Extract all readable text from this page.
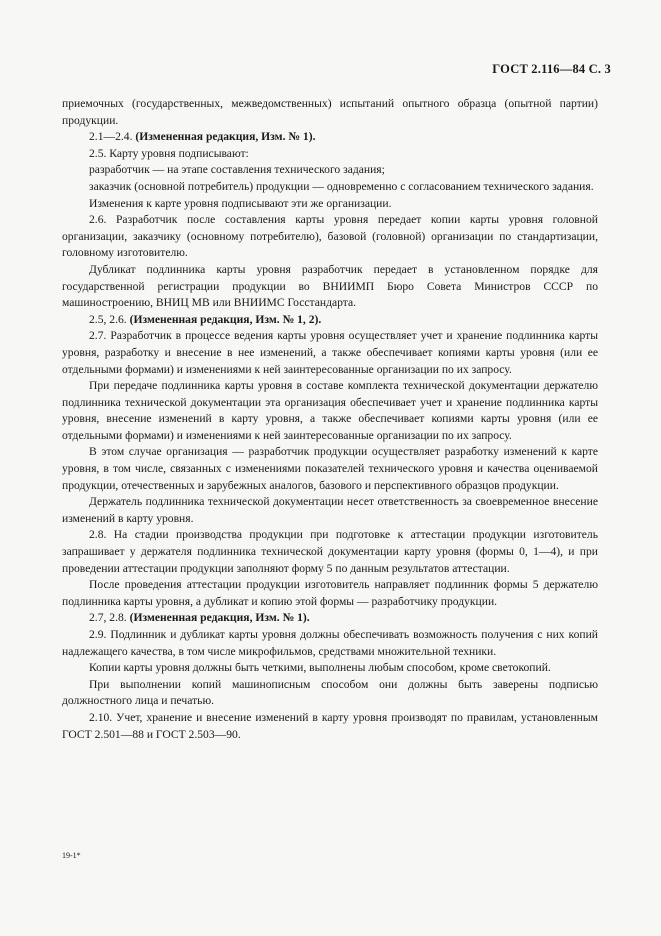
ГОСТ 2.116—84 С. 3

приемочных (государственных, межведомственных) испытаний опытного образца (опытной партии) продукции.

2.1—2.4. (Измененная редакция, Изм. № 1).

2.5. Карту уровня подписывают:

разработчик — на этапе составления технического задания;

заказчик (основной потребитель) продукции — одновременно с согласованием технического задания.

Изменения к карте уровня подписывают эти же организации.

2.6. Разработчик после составления карты уровня передает копии карты уровня головной организации, заказчику (основному потребителю), базовой (головной) организации по стандартизации, головному изготовителю.

Дубликат подлинника карты уровня разработчик передает в установленном порядке для государственной регистрации продукции во ВНИИМП Бюро Совета Министров СССР по машиностроению, ВНИЦ МВ или ВНИИМС Госстандарта.

2.5, 2.6. (Измененная редакция, Изм. № 1, 2).

2.7. Разработчик в процессе ведения карты уровня осуществляет учет и хранение подлинника карты уровня, разработку и внесение в нее изменений, а также обеспечивает копиями карты уровня (или ее отдельными формами) и изменениями к ней заинтересованные организации по их запросу.

При передаче подлинника карты уровня в составе комплекта технической документации держателю подлинника технической документации эта организация обеспечивает учет и хранение подлинника карты уровня, внесение изменений в карту уровня, а также обеспечивает копиями карты уровня (или ее отдельными формами) и изменениями к ней заинтересованные организации по их запросу.

В этом случае организация — разработчик продукции осуществляет разработку изменений к карте уровня, в том числе, связанных с изменениями показателей технического уровня и качества оцениваемой продукции, отечественных и зарубежных аналогов, базового и перспективного образцов продукции.

Держатель подлинника технической документации несет ответственность за своевременное внесение изменений в карту уровня.

2.8. На стадии производства продукции при подготовке к аттестации продукции изготовитель запрашивает у держателя подлинника технической документации карту уровня (формы 0, 1—4), и при проведении аттестации продукции заполняют форму 5 по данным результатов аттестации.

После проведения аттестации продукции изготовитель направляет подлинник формы 5 держателю подлинника карты уровня, а дубликат и копию этой формы — разработчику продукции.

2.7, 2.8. (Измененная редакция, Изм. № 1).

2.9. Подлинник и дубликат карты уровня должны обеспечивать возможность получения с них копий надлежащего качества, в том числе микрофильмов, средствами множительной техники.

Копии карты уровня должны быть четкими, выполнены любым способом, кроме светокопий.

При выполнении копий машинописным способом они должны быть заверены подписью должностного лица и печатью.

2.10. Учет, хранение и внесение изменений в карту уровня производят по правилам, установленным ГОСТ 2.501—88 и ГОСТ 2.503—90.

19-1*
